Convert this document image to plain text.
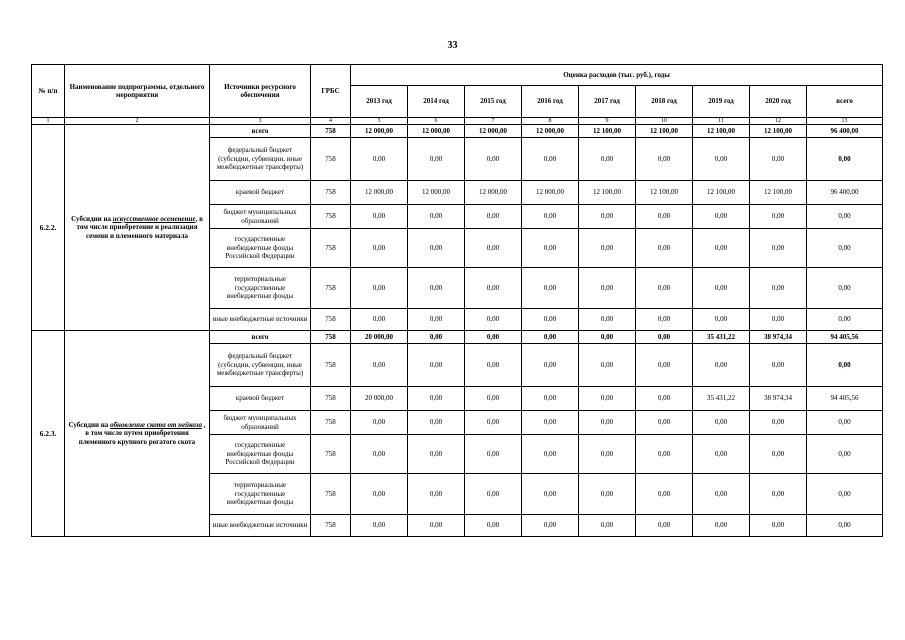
33
№ п/п	Наименование подпрограммы, отдельного мероприятия	Источники ресурсного обеспечения	ГРБС	Оценка расходов (тыс. руб.), годы								
				2013 год	2014 год	2015 год	2016 год	2017 год	2018 год	2019 год	2020 год	всего
1	2	3	4	5	6	7	8	9	10	11	12	13
6.2.2.	Субсидии на искусственное осеменение, в том числе приобретение и реализация семени и племенного материала	всего	758	12 000,00	12 000,00	12 000,00	12 000,00	12 100,00	12 100,00	12 100,00	12 100,00	96 400,00
		федеральный бюджет (субсидии, субвенции, иные межбюджетные трансферты)	758	0,00	0,00	0,00	0,00	0,00	0,00	0,00	0,00	0,00
		краевой бюджет	758	12 000,00	12 000,00	12 000,00	12 000,00	12 100,00	12 100,00	12 100,00	12 100,00	96 400,00
		бюджет муниципальных образований	758	0,00	0,00	0,00	0,00	0,00	0,00	0,00	0,00	0,00
		государственные внебюджетные фонды Российской Федерации	758	0,00	0,00	0,00	0,00	0,00	0,00	0,00	0,00	0,00
		территориальные государственные внебюджетные фонды	758	0,00	0,00	0,00	0,00	0,00	0,00	0,00	0,00	0,00
		иные внебюджетные источники	758	0,00	0,00	0,00	0,00	0,00	0,00	0,00	0,00	0,00
6.2.3.	Субсидии на обновление скота от нейкоза , в том числе путем приобретения племенного крупного рогатого скота	всего	758	20 000,00	0,00	0,00	0,00	0,00	0,00	35 431,22	38 974,34	94 405,56
		федеральный бюджет (субсидии, субвенции, иные межбюджетные трансферты)	758	0,00	0,00	0,00	0,00	0,00	0,00	0,00	0,00	0,00
		краевой бюджет	758	20 000,00	0,00	0,00	0,00	0,00	0,00	35 431,22	38 974,34	94 405,56
		бюджет муниципальных образований	758	0,00	0,00	0,00	0,00	0,00	0,00	0,00	0,00	0,00
		государственные внебюджетные фонды Российской Федерации	758	0,00	0,00	0,00	0,00	0,00	0,00	0,00	0,00	0,00
		территориальные государственные внебюджетные фонды	758	0,00	0,00	0,00	0,00	0,00	0,00	0,00	0,00	0,00
		иные внебюджетные источники	758	0,00	0,00	0,00	0,00	0,00	0,00	0,00	0,00	0,00
